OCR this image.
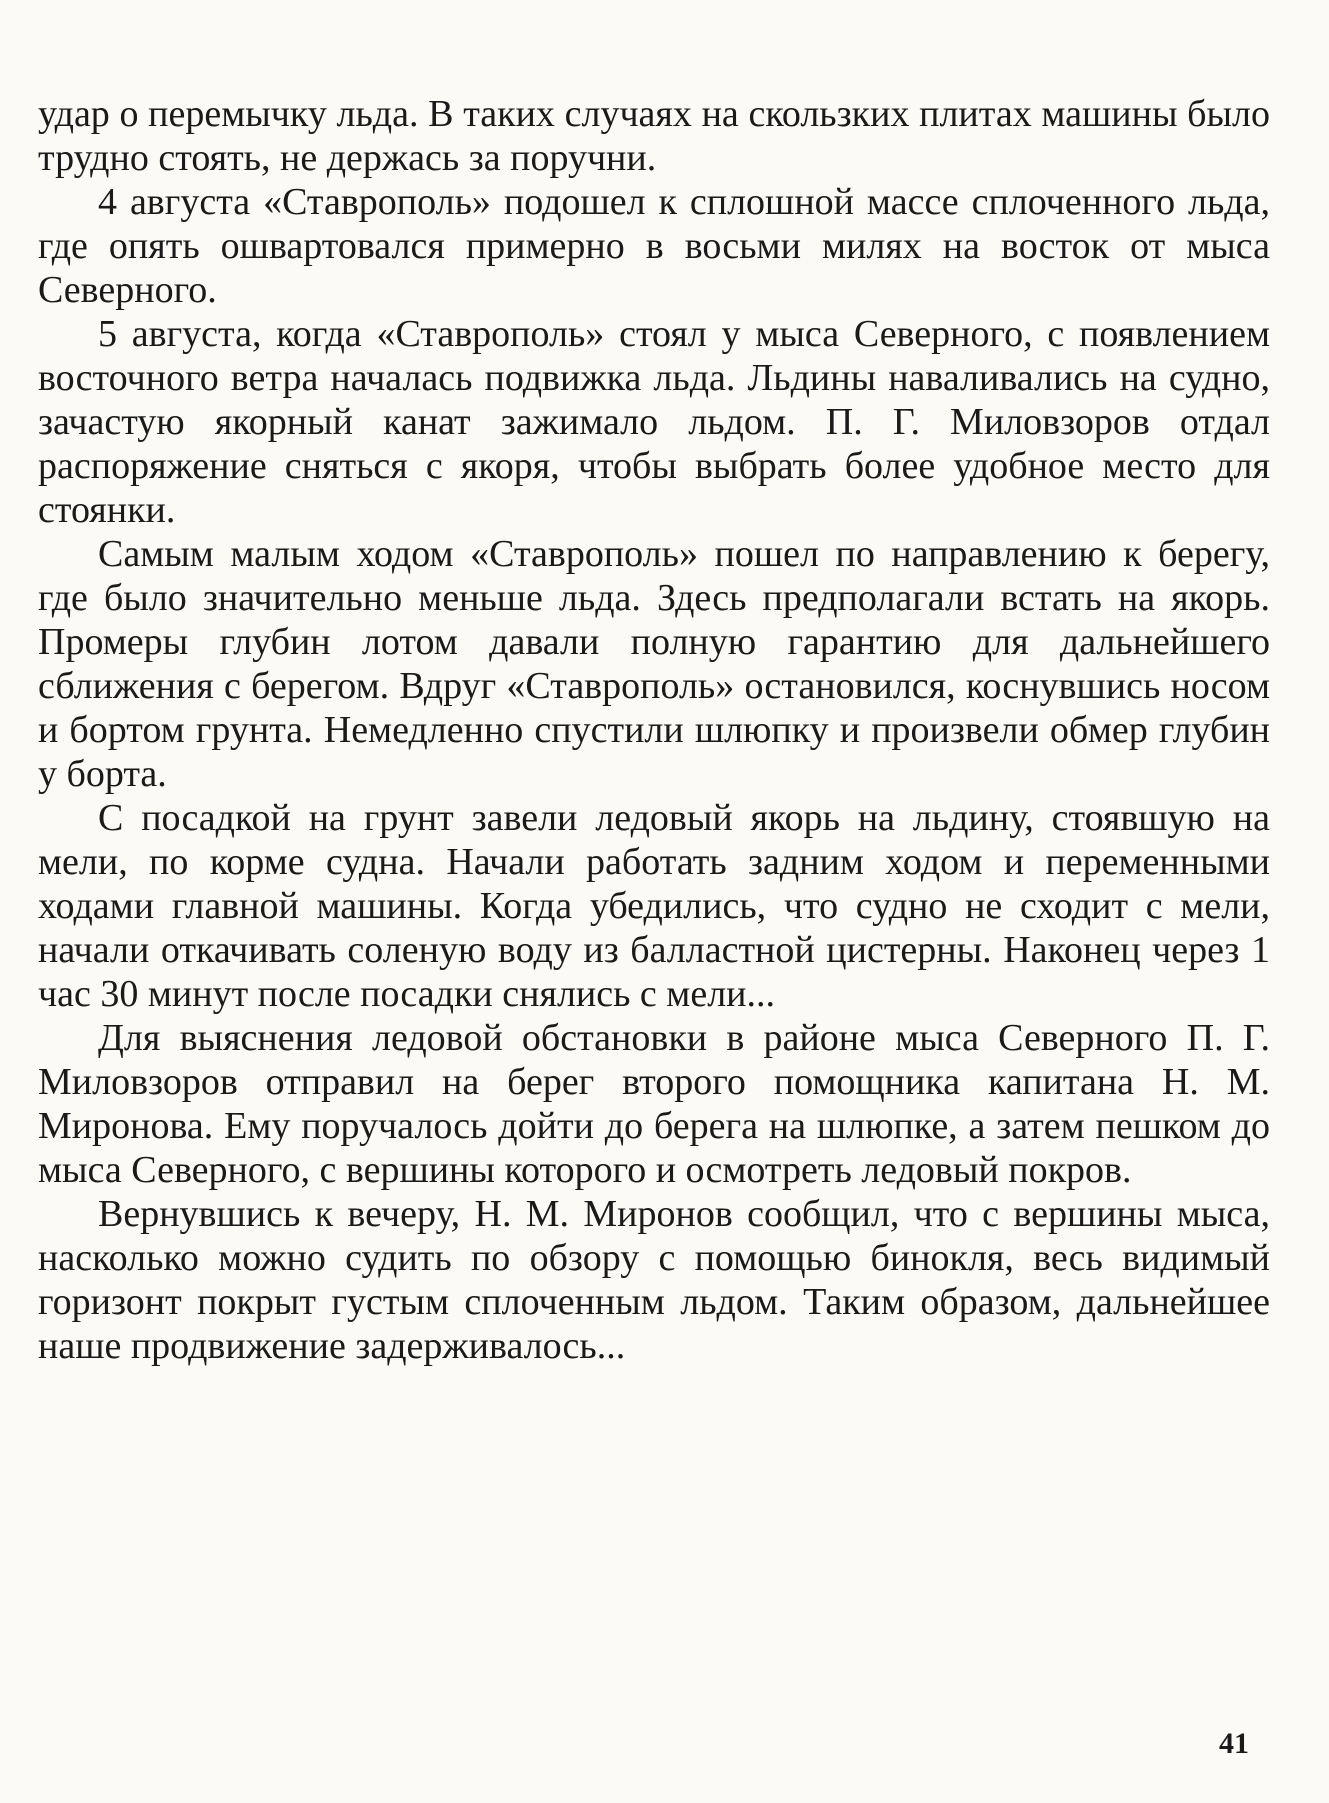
удар о перемычку льда. В таких случаях на скользких плитах машины было трудно стоять, не держась за поручни.

4 августа «Ставрополь» подошел к сплошной массе сплоченного льда, где опять ошвартовался примерно в восьми милях на восток от мыса Северного.

5 августа, когда «Ставрополь» стоял у мыса Северного, с появлением восточного ветра началась подвижка льда. Льдины наваливались на судно, зачастую якорный канат зажимало льдом. П. Г. Миловзоров отдал распоряжение сняться с якоря, чтобы выбрать более удобное место для стоянки.

Самым малым ходом «Ставрополь» пошел по направлению к берегу, где было значительно меньше льда. Здесь предполагали встать на якорь. Промеры глубин лотом давали полную гарантию для дальнейшего сближения с берегом. Вдруг «Ставрополь» остановился, коснувшись носом и бортом грунта. Немедленно спустили шлюпку и произвели обмер глубин у борта.

С посадкой на грунт завели ледовый якорь на льдину, стоявшую на мели, по корме судна. Начали работать задним ходом и переменными ходами главной машины. Когда убедились, что судно не сходит с мели, начали откачивать соленую воду из балластной цистерны. Наконец через 1 час 30 минут после посадки снялись с мели...

Для выяснения ледовой обстановки в районе мыса Северного П. Г. Миловзоров отправил на берег второго помощника капитана Н. М. Миронова. Ему поручалось дойти до берега на шлюпке, а затем пешком до мыса Северного, с вершины которого и осмотреть ледовый покров.

Вернувшись к вечеру, Н. М. Миронов сообщил, что с вершины мыса, насколько можно судить по обзору с помощью бинокля, весь видимый горизонт покрыт густым сплоченным льдом. Таким образом, дальнейшее наше продвижение задерживалось...

41
